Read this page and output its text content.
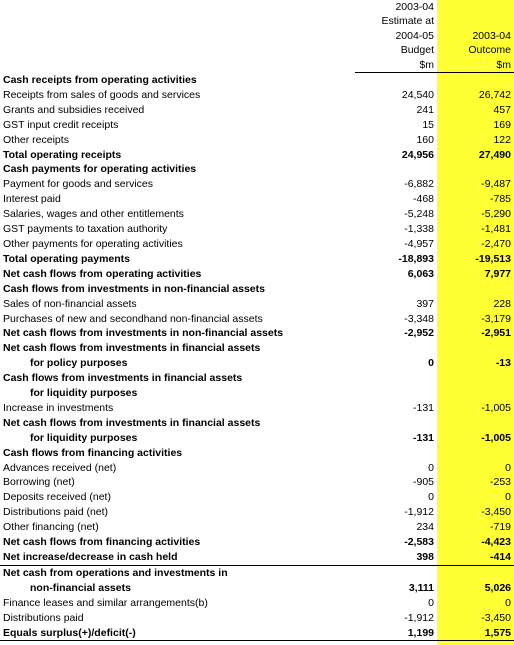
	2003-04	
	Estimate at	
	2004-05	2003-04
	Budget	Outcome
	$m	$m
Cash receipts from operating activities		
Receipts from sales of goods and services	24,540	26,742
Grants and subsidies received	241	457
GST input credit receipts	15	169
Other receipts	160	122
Total operating receipts	24,956	27,490
Cash payments for operating activities		
Payment for goods and services	-6,882	-9,487
Interest paid	-468	-785
Salaries, wages and other entitlements	-5,248	-5,290
GST payments to taxation authority	-1,338	-1,481
Other payments for operating activities	-4,957	-2,470
Total operating payments	-18,893	-19,513
Net cash flows from operating activities	6,063	7,977
Cash flows from investments in non-financial assets		
Sales of non-financial assets	397	228
Purchases of new and secondhand non-financial assets	-3,348	-3,179
Net cash flows from investments in non-financial assets	-2,952	-2,951
Net cash flows from investments in financial assets		
for policy purposes	0	-13
Cash flows from investments in financial assets		
for liquidity purposes		
Increase in investments	-131	-1,005
Net cash flows from investments in financial assets		
for liquidity purposes	-131	-1,005
Cash flows from financing activities		
Advances received (net)	0	0
Borrowing (net)	-905	-253
Deposits received (net)	0	0
Distributions paid (net)	-1,912	-3,450
Other financing (net)	234	-719
Net cash flows from financing activities	-2,583	-4,423
Net increase/decrease in cash held	398	-414
Net cash from operations and investments in		
non-financial assets	3,111	5,026
Finance leases and similar arrangements(b)	0	0
Distributions paid	-1,912	-3,450
Equals surplus(+)/deficit(-)	1,199	1,575
